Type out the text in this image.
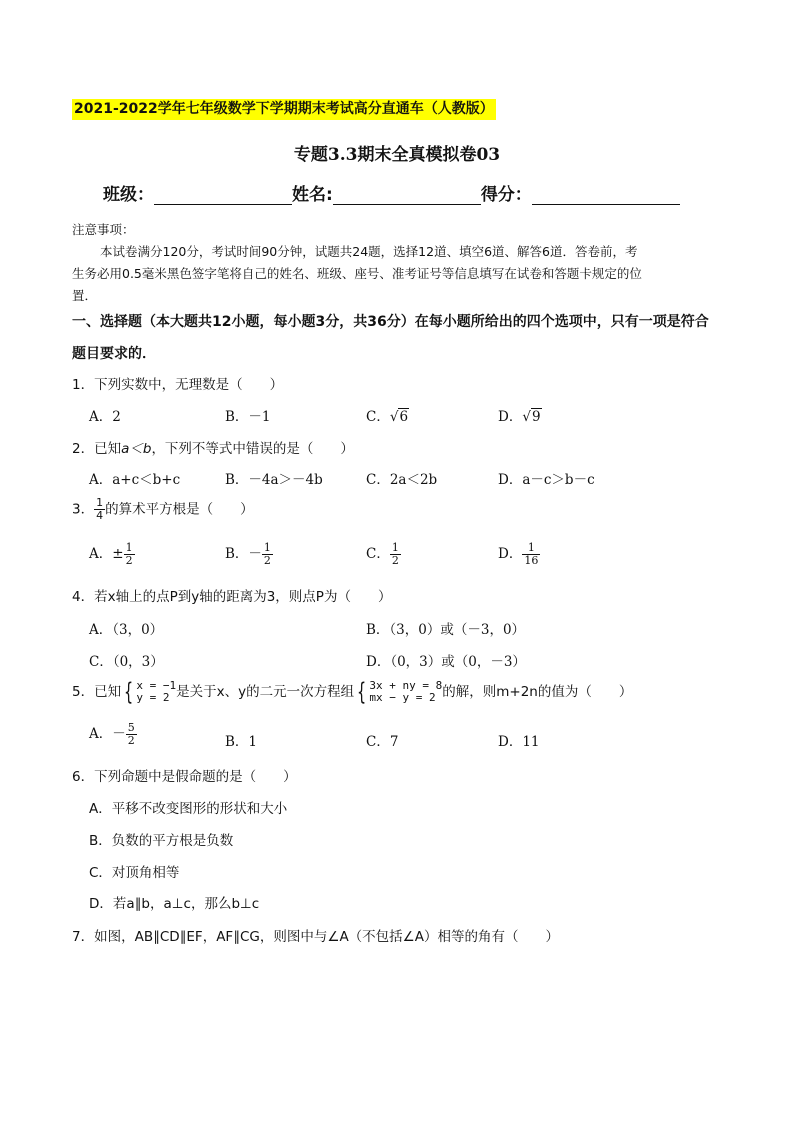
2021-2022学年七年级数学下学期期末考试高分直通车（人教版）
专题3.3期末全真模拟卷03
班级：	姓名:	得分：
注意事项：
本试卷满分120分，考试时间90分钟，试题共24题，选择12道、填空6道、解答6道．答卷前，考
生务必用0.5毫米黑色签字笔将自己的姓名、班级、座号、准考证号等信息填写在试卷和答题卡规定的位
置．
一、选择题（本大题共12小题，每小题3分，共36分）在每小题所给出的四个选项中，只有一项是符合
题目要求的．
1．下列实数中，无理数是（　　）
A．2	B．－1	C．√6	D．√9
2．已知a＜b，下列不等式中错误的是（　　）
A．a+c＜b+c	B．－4a＞－4b	C．2a＜2b	D．a－c＞b－c
3． $\frac{1}{4}$ 的算术平方根是（　　）
A．± $\frac{1}{2}$	B．－ $\frac{1}{2}$	C． $\frac{1}{2}$	D． $\frac{1}{16}$
4．若x轴上的点P到y轴的距离为3，则点P为（　　）
A．（3，0）	B．（3，0）或（－3，0）
C．（0，3）	D．（0，3）或（0，－3）
5．已知 { x = −1
y = 2 是关于x、y的二元一次方程组 { 3x + ny = 8
mx − y = 2 的解，则m+2n的值为（　　）
A．－ $\frac{5}{2}$	B．1	C．7	D．11
6．下列命题中是假命题的是（　　）
A．平移不改变图形的形状和大小
B．负数的平方根是负数
C．对顶角相等
D．若a∥b，a⊥c，那么b⊥c
7．如图，AB∥CD∥EF，AF∥CG，则图中与∠A（不包括∠A）相等的角有（　　）
